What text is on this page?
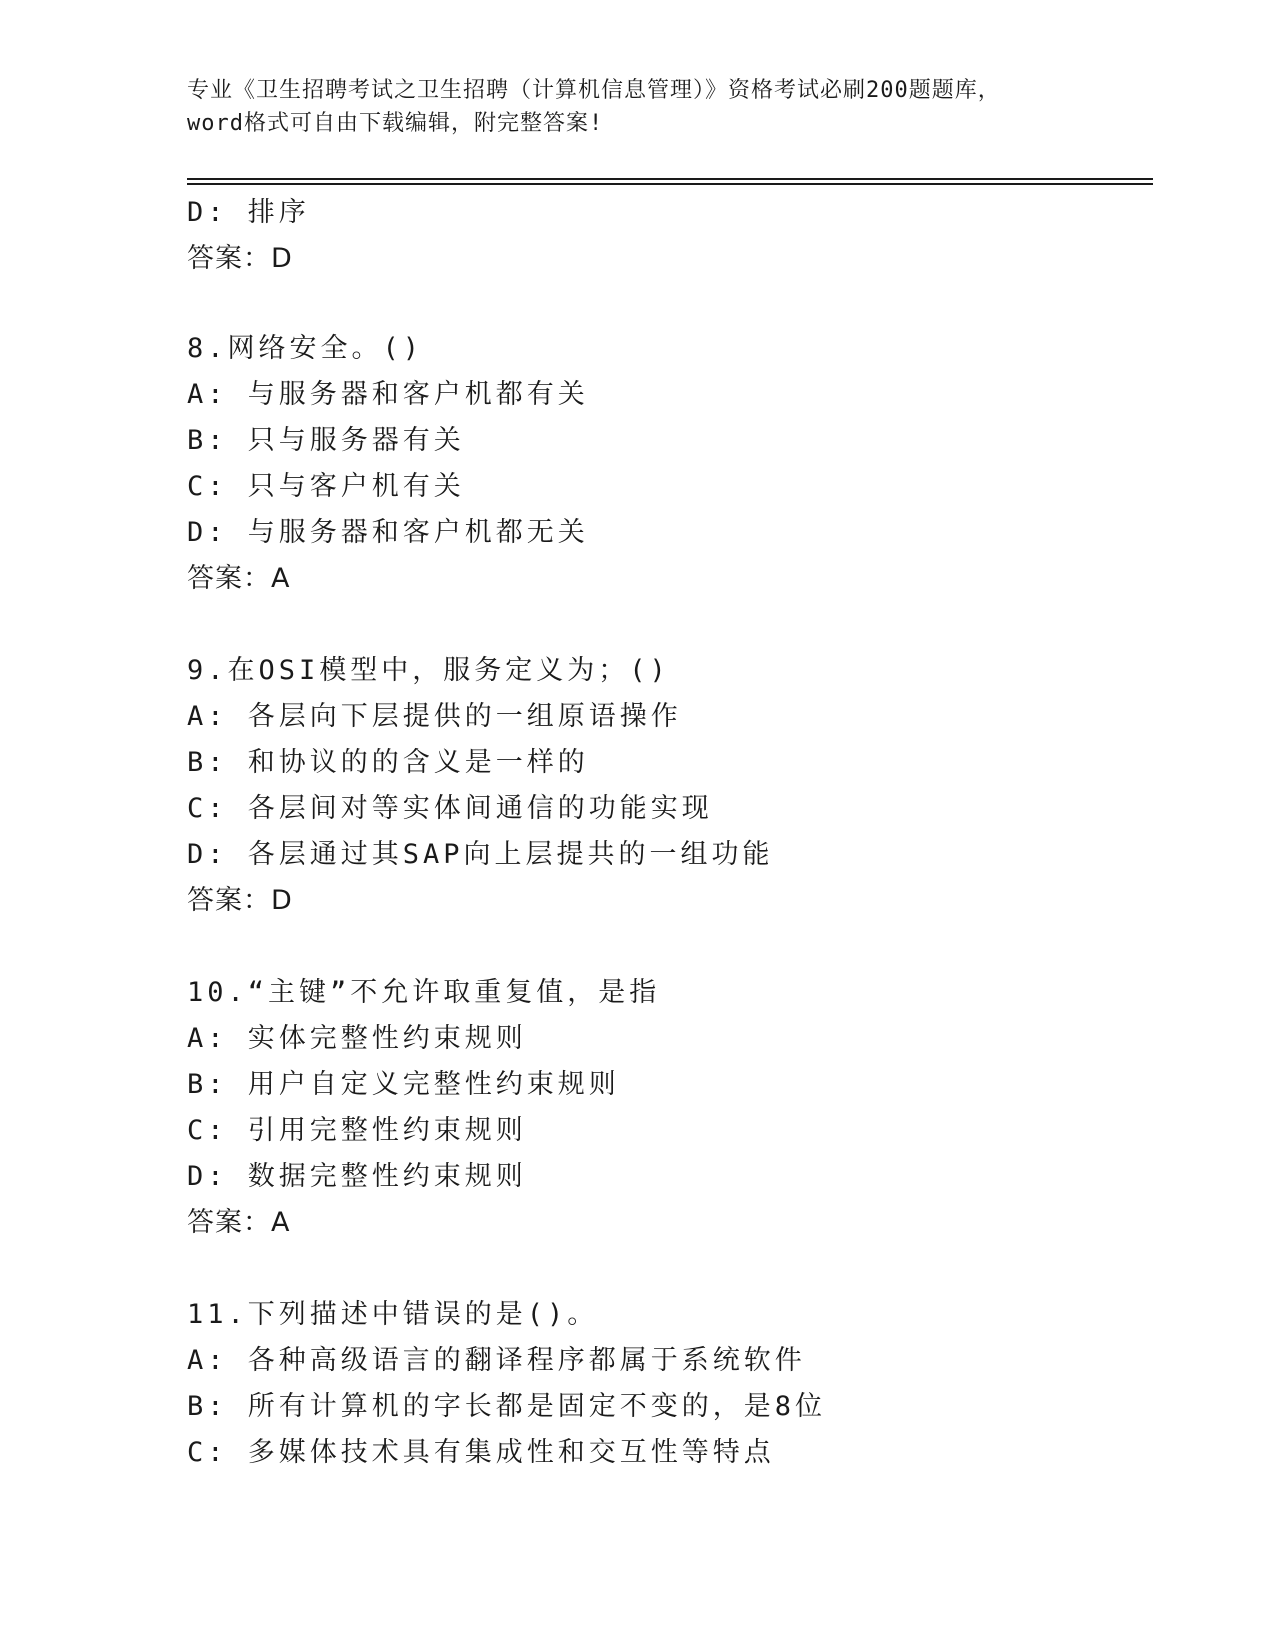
专业《卫生招聘考试之卫生招聘（计算机信息管理）》资格考试必刷200题题库，
word格式可自由下载编辑，附完整答案!
D: 排序
答案：D
8.网络安全。()
A: 与服务器和客户机都有关
B: 只与服务器有关
C: 只与客户机有关
D: 与服务器和客户机都无关
答案：A
9.在OSI模型中，服务定义为；()
A: 各层向下层提供的一组原语操作
B: 和协议的的含义是一样的
C: 各层间对等实体间通信的功能实现
D: 各层通过其SAP向上层提共的一组功能
答案：D
10.“主键”不允许取重复值，是指
A: 实体完整性约束规则
B: 用户自定义完整性约束规则
C: 引用完整性约束规则
D: 数据完整性约束规则
答案：A
11.下列描述中错误的是()。
A: 各种高级语言的翻译程序都属于系统软件
B: 所有计算机的字长都是固定不变的，是8位
C: 多媒体技术具有集成性和交互性等特点
